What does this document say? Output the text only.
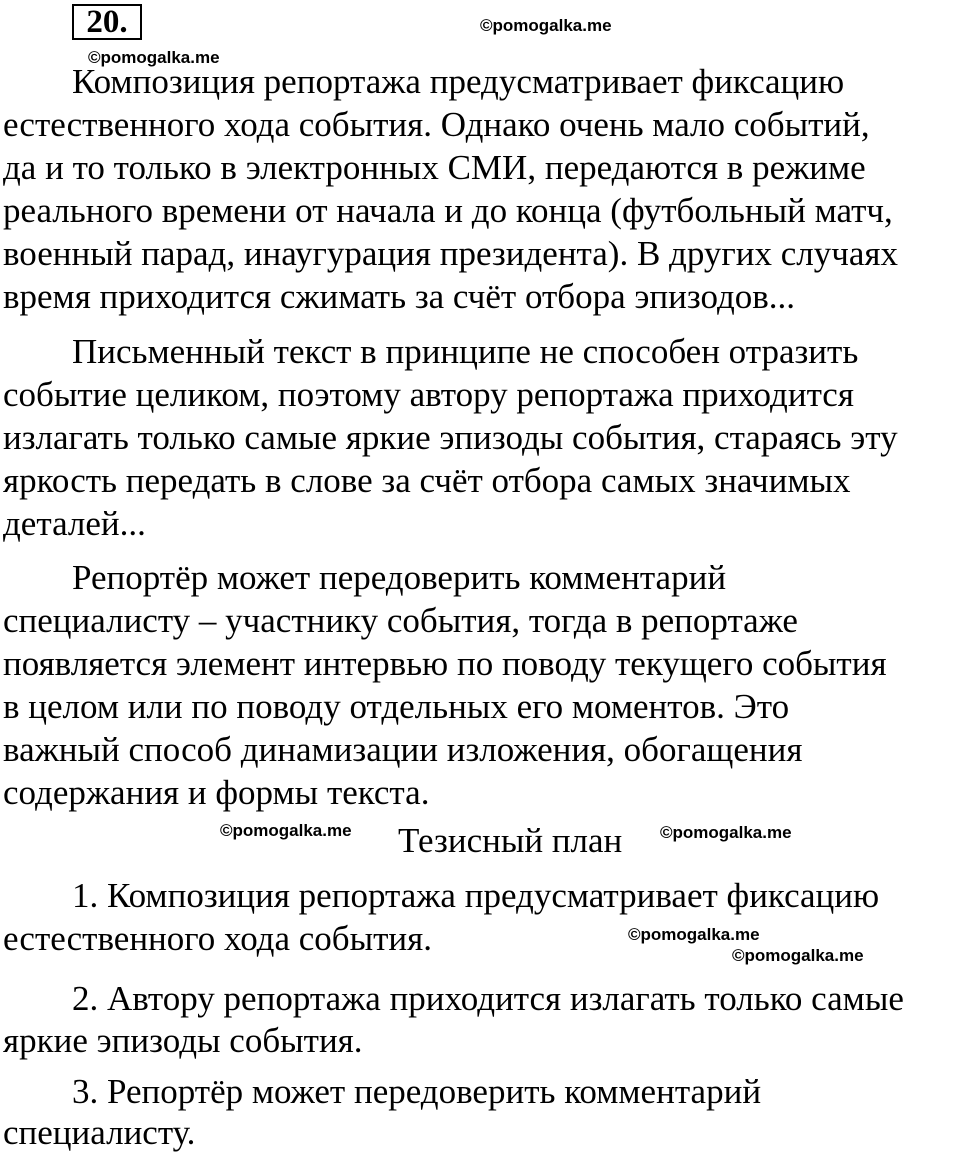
20.	©pomogalka.me
©pomogalka.me
Композиция репортажа предусматривает фиксацию
естественного хода события. Однако очень мало событий,
да и то только в электронных СМИ, передаются в режиме
реального времени от начала и до конца (футбольный матч,
военный парад, инаугурация президента). В других случаях
время приходится сжимать за счёт отбора эпизодов...
Письменный текст в принципе не способен отразить
событие целиком, поэтому автору репортажа приходится
излагать только самые яркие эпизоды события, стараясь эту
яркость передать в слове за счёт отбора самых значимых
деталей...
Репортёр может передоверить комментарий
специалисту – участнику события, тогда в репортаже
появляется элемент интервью по поводу текущего события
в целом или по поводу отдельных его моментов. Это
важный способ динамизации изложения, обогащения
содержания и формы текста.
©pomogalka.me Тезисный план ©pomogalka.me
1. Композиция репортажа предусматривает фиксацию
естественного хода события.	©pomogalka.me
©pomogalka.me
2. Автору репортажа приходится излагать только самые
яркие эпизоды события.
3. Репортёр может передоверить комментарий
специалисту.
